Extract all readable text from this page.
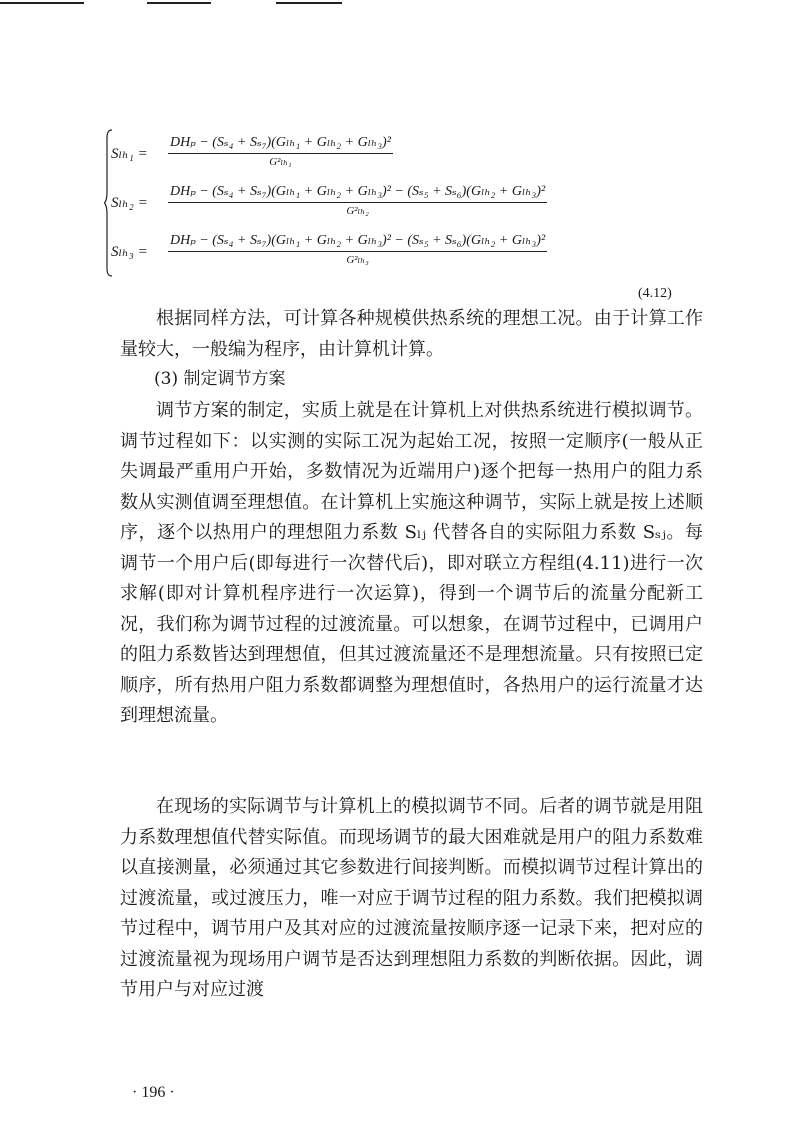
Sₗₕ₁ =
DHₚ − (Sₛ₄ + Sₛ₇)(Gₗₕ₁ + Gₗₕ₂ + Gₗₕ₃)²
G²ₗₕ₁
Sₗₕ₂ =
DHₚ − (Sₛ₄ + Sₛ₇)(Gₗₕ₁ + Gₗₕ₂ + Gₗₕ₃)² − (Sₛ₅ + Sₛ₆)(Gₗₕ₂ + Gₗₕ₃)²
G²ₗₕ₂
Sₗₕ₃ =
DHₚ − (Sₛ₄ + Sₛ₇)(Gₗₕ₁ + Gₗₕ₂ + Gₗₕ₃)² − (Sₛ₅ + Sₛ₆)(Gₗₕ₂ + Gₗₕ₃)²
G²ₗₕ₃
(4.12)

根据同样方法，可计算各种规模供热系统的理想工况。由于计算工作量较大，一般编为程序，由计算机计算。

(3) 制定调节方案

调节方案的制定，实质上就是在计算机上对供热系统进行模拟调节。调节过程如下：以实测的实际工况为起始工况，按照一定顺序(一般从正失调最严重用户开始，多数情况为近端用户)逐个把每一热用户的阻力系数从实测值调至理想值。在计算机上实施这种调节，实际上就是按上述顺序，逐个以热用户的理想阻力系数 Sₗⱼ 代替各自的实际阻力系数 Sₛⱼ。每调节一个用户后(即每进行一次替代后)，即对联立方程组(4.11)进行一次求解(即对计算机程序进行一次运算)，得到一个调节后的流量分配新工况，我们称为调节过程的过渡流量。可以想象，在调节过程中，已调用户的阻力系数皆达到理想值，但其过渡流量还不是理想流量。只有按照已定顺序，所有热用户阻力系数都调整为理想值时，各热用户的运行流量才达到理想流量。

在现场的实际调节与计算机上的模拟调节不同。后者的调节就是用阻力系数理想值代替实际值。而现场调节的最大困难就是用户的阻力系数难以直接测量，必须通过其它参数进行间接判断。而模拟调节过程计算出的过渡流量，或过渡压力，唯一对应于调节过程的阻力系数。我们把模拟调节过程中，调节用户及其对应的过渡流量按顺序逐一记录下来，把对应的过渡流量视为现场用户调节是否达到理想阻力系数的判断依据。因此，调节用户与对应过渡

· 196 ·
